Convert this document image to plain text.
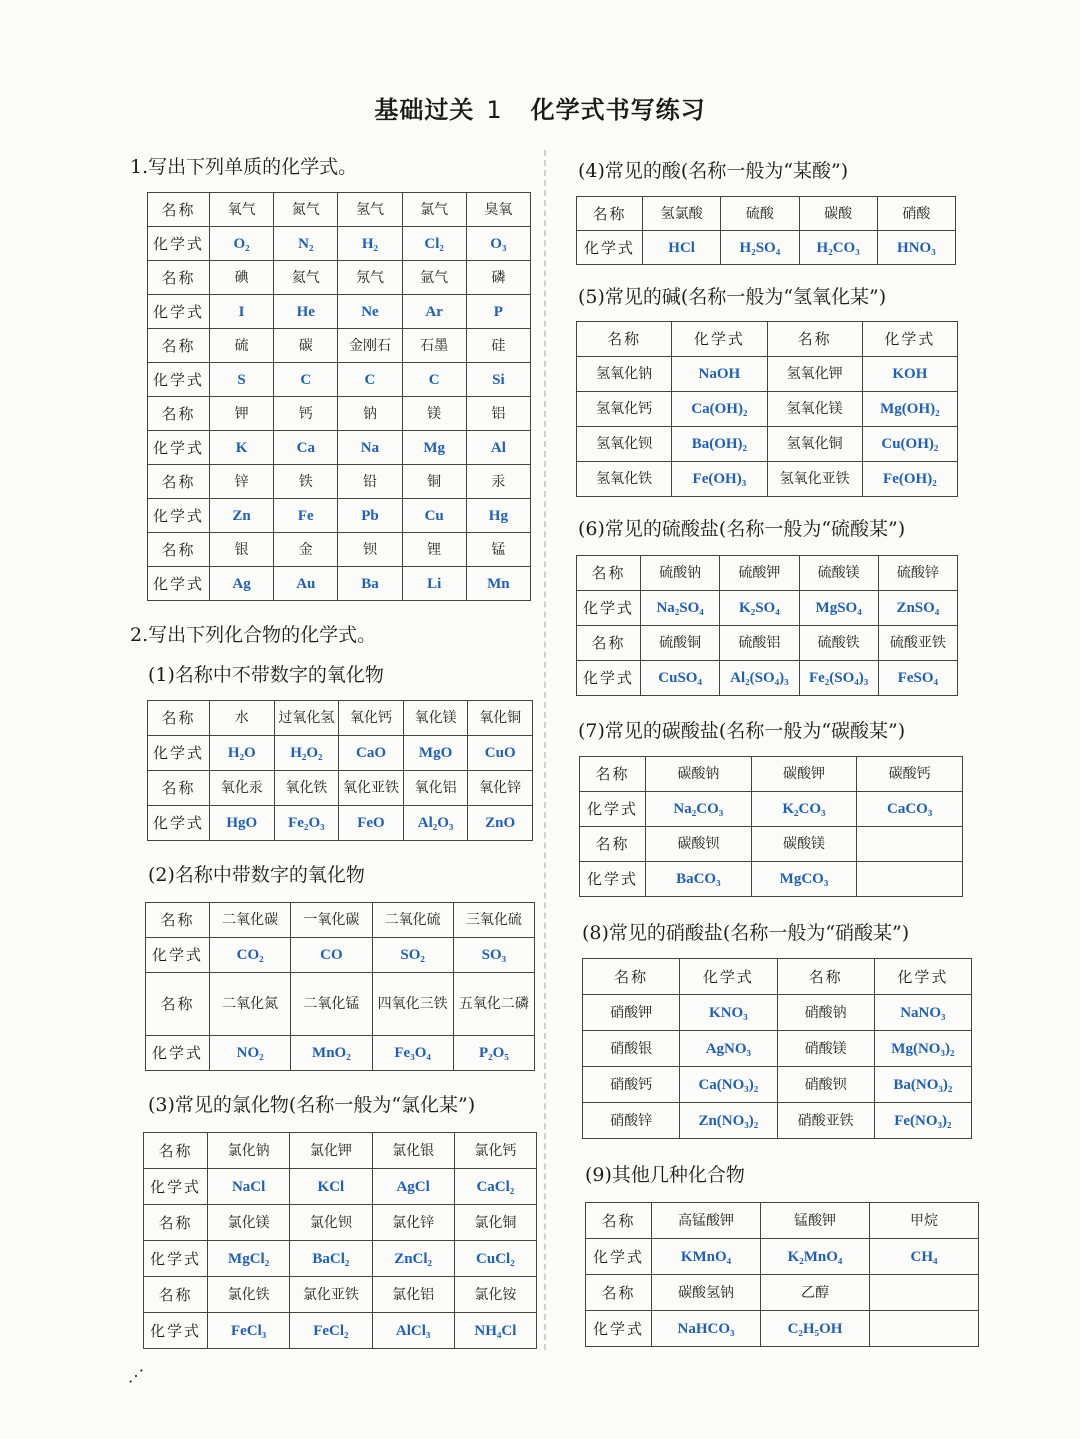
基础过关 1 化学式书写练习
1.写出下列单质的化学式。
名称	氧气	氮气	氢气	氯气	臭氧
化学式	O₂	N₂	H₂	Cl₂	O₃
名称	碘	氦气	氖气	氩气	磷
化学式	I	He	Ne	Ar	P
名称	硫	碳	金刚石	石墨	硅
化学式	S	C	C	C	Si
名称	钾	钙	钠	镁	铝
化学式	K	Ca	Na	Mg	Al
名称	锌	铁	铅	铜	汞
化学式	Zn	Fe	Pb	Cu	Hg
名称	银	金	钡	锂	锰
化学式	Ag	Au	Ba	Li	Mn
2.写出下列化合物的化学式。
(1)名称中不带数字的氧化物
名称	水	过氧化氢	氧化钙	氧化镁	氧化铜
化学式	H₂O	H₂O₂	CaO	MgO	CuO
名称	氧化汞	氧化铁	氧化亚铁	氧化铝	氧化锌
化学式	HgO	Fe₂O₃	FeO	Al₂O₃	ZnO
(2)名称中带数字的氧化物
名称	二氧化碳	一氧化碳	二氧化硫	三氧化硫
化学式	CO₂	CO	SO₂	SO₃
名称	二氧化氮	二氧化锰	四氧化三铁	五氧化二磷
化学式	NO₂	MnO₂	Fe₃O₄	P₂O₅
(3)常见的氯化物(名称一般为“氯化某”)
名称	氯化钠	氯化钾	氯化银	氯化钙
化学式	NaCl	KCl	AgCl	CaCl₂
名称	氯化镁	氯化钡	氯化锌	氯化铜
化学式	MgCl₂	BaCl₂	ZnCl₂	CuCl₂
名称	氯化铁	氯化亚铁	氯化铝	氯化铵
化学式	FeCl₃	FeCl₂	AlCl₃	NH₄Cl
(4)常见的酸(名称一般为“某酸”)
名称	氢氯酸	硫酸	碳酸	硝酸
化学式	HCl	H₂SO₄	H₂CO₃	HNO₃
(5)常见的碱(名称一般为“氢氧化某”)
名称	化学式	名称	化学式
氢氧化钠	NaOH	氢氧化钾	KOH
氢氧化钙	Ca(OH)₂	氢氧化镁	Mg(OH)₂
氢氧化钡	Ba(OH)₂	氢氧化铜	Cu(OH)₂
氢氧化铁	Fe(OH)₃	氢氧化亚铁	Fe(OH)₂
(6)常见的硫酸盐(名称一般为“硫酸某”)
名称	硫酸钠	硫酸钾	硫酸镁	硫酸锌
化学式	Na₂SO₄	K₂SO₄	MgSO₄	ZnSO₄
名称	硫酸铜	硫酸铝	硫酸铁	硫酸亚铁
化学式	CuSO₄	Al₂(SO₄)₃	Fe₂(SO₄)₃	FeSO₄
(7)常见的碳酸盐(名称一般为“碳酸某”)
名称	碳酸钠	碳酸钾	碳酸钙
化学式	Na₂CO₃	K₂CO₃	CaCO₃
名称	碳酸钡	碳酸镁	
化学式	BaCO₃	MgCO₃	
(8)常见的硝酸盐(名称一般为“硝酸某”)
名称	化学式	名称	化学式
硝酸钾	KNO₃	硝酸钠	NaNO₃
硝酸银	AgNO₃	硝酸镁	Mg(NO₃)₂
硝酸钙	Ca(NO₃)₂	硝酸钡	Ba(NO₃)₂
硝酸锌	Zn(NO₃)₂	硝酸亚铁	Fe(NO₃)₂
(9)其他几种化合物
名称	高锰酸钾	锰酸钾	甲烷
化学式	KMnO₄	K₂MnO₄	CH₄
名称	碳酸氢钠	乙醇	
化学式	NaHCO₃	C₂H₅OH	
⋰
